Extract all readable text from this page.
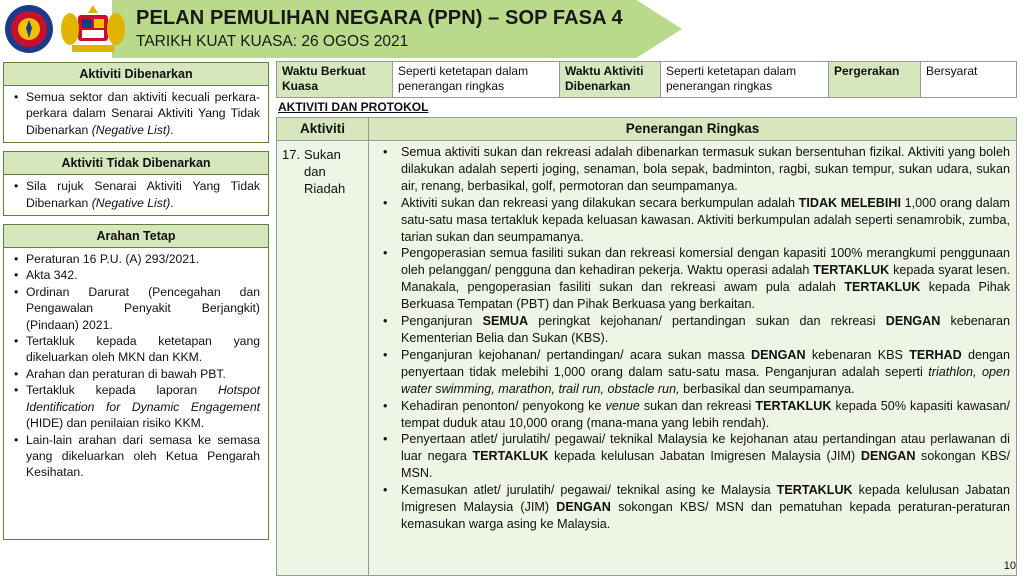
PELAN PEMULIHAN NEGARA (PPN) – SOP FASA 4
TARIKH KUAT KUASA: 26 OGOS 2021
Aktiviti Dibenarkan
• Semua sektor dan aktiviti kecuali perkara-perkara dalam Senarai Aktiviti Yang Tidak Dibenarkan (Negative List).
Aktiviti Tidak Dibenarkan
• Sila rujuk Senarai Aktiviti Yang Tidak Dibenarkan (Negative List).
Arahan Tetap
• Peraturan 16 P.U. (A) 293/2021.
• Akta 342.
• Ordinan Darurat (Pencegahan dan Pengawalan Penyakit Berjangkit) (Pindaan) 2021.
• Tertakluk kepada ketetapan yang dikeluarkan oleh MKN dan KKM.
• Arahan dan peraturan di bawah PBT.
• Tertakluk kepada laporan Hotspot Identification for Dynamic Engagement (HIDE) dan penilaian risiko KKM.
• Lain-lain arahan dari semasa ke semasa yang dikeluarkan oleh Ketua Pengarah Kesihatan.
Waktu Berkuat Kuasa
Seperti ketetapan dalam penerangan ringkas
Waktu Aktiviti Dibenarkan
Seperti ketetapan dalam penerangan ringkas
Pergerakan	Bersyarat
AKTIVITI DAN PROTOKOL
Aktiviti	Penerangan Ringkas
17. Sukan dan Riadah
• Semua aktiviti sukan dan rekreasi adalah dibenarkan termasuk sukan bersentuhan fizikal. Aktiviti yang boleh dilakukan adalah seperti joging, senaman, bola sepak, badminton, ragbi, sukan tempur, sukan udara, sukan air, renang, berbasikal, golf, permotoran dan seumpamanya.
• Aktiviti sukan dan rekreasi yang dilakukan secara berkumpulan adalah TIDAK MELEBIHI 1,000 orang dalam satu-satu masa tertakluk kepada keluasan kawasan. Aktiviti berkumpulan adalah seperti senamrobik, zumba, tarian sukan dan seumpamanya.
• Pengoperasian semua fasiliti sukan dan rekreasi komersial dengan kapasiti 100% merangkumi penggunaan oleh pelanggan/ pengguna dan kehadiran pekerja. Waktu operasi adalah TERTAKLUK kepada syarat lesen. Manakala, pengoperasian fasiliti sukan dan rekreasi awam pula adalah TERTAKLUK kepada Pihak Berkuasa Tempatan (PBT) dan Pihak Berkuasa yang berkaitan.
• Penganjuran SEMUA peringkat kejohanan/ pertandingan sukan dan rekreasi DENGAN kebenaran Kementerian Belia dan Sukan (KBS).
• Penganjuran kejohanan/ pertandingan/ acara sukan massa DENGAN kebenaran KBS TERHAD dengan penyertaan tidak melebihi 1,000 orang dalam satu-satu masa. Penganjuran adalah seperti triathlon, open water swimming, marathon, trail run, obstacle run, berbasikal dan seumpamanya.
• Kehadiran penonton/ penyokong ke venue sukan dan rekreasi TERTAKLUK kepada 50% kapasiti kawasan/ tempat duduk atau 10,000 orang (mana-mana yang lebih rendah).
• Penyertaan atlet/ jurulatih/ pegawai/ teknikal Malaysia ke kejohanan atau pertandingan atau perlawanan di luar negara TERTAKLUK kepada kelulusan Jabatan Imigresen Malaysia (JIM) DENGAN sokongan KBS/ MSN.
• Kemasukan atlet/ jurulatih/ pegawai/ teknikal asing ke Malaysia TERTAKLUK kepada kelulusan Jabatan Imigresen Malaysia (JIM) DENGAN sokongan KBS/ MSN dan pematuhan kepada peraturan-peraturan kemasukan warga asing ke Malaysia.
10
